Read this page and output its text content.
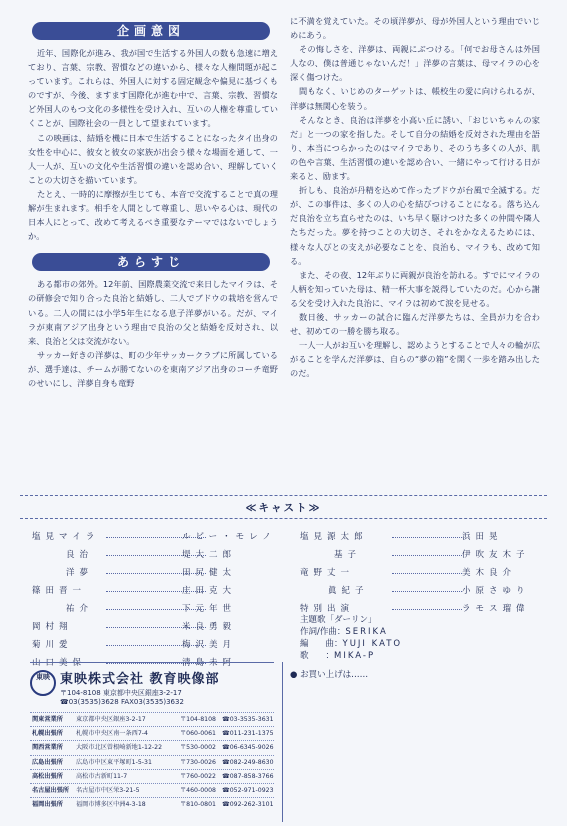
企画意図

近年、国際化が進み、我が国で生活する外国人の数も急速に増えており、言葉、宗教、習慣などの違いから、様々な人権問題が起こっています。これらは、外国人に対する固定観念や偏見に基づくものですが、今後、ますます国際化が進む中で、言葉、宗教、習慣など外国人のもつ文化の多様性を受け入れ、互いの人権を尊重していくことが、国際社会の一員として望まれています。

この映画は、結婚を機に日本で生活することになったタイ出身の女性を中心に、彼女と彼女の家族が出会う様々な場面を通して、一人一人が、互いの文化や生活習慣の違いを認め合い、理解していくことの大切さを描いています。

たとえ、一時的に摩擦が生じても、本音で交流することで真の理解が生まれます。相手を人間として尊重し、思いやる心は、現代の日本人にとって、改めて考えるべき重要なテーマではないでしょうか。

あらすじ

ある都市の郊外。12年前、国際農業交流で来日したマイラは、その研修会で知り合った良治と結婚し、二人でブドウの栽培を営んでいる。二人の間には小学5年生になる息子洋夢がいる。だが、マイラが東南アジア出身という理由で良治の父と結婚を反対され、以来、良治と父は交流がない。

サッカー好きの洋夢は、町の少年サッカークラブに所属しているが、選手達は、チームが勝てないのを東南アジア出身のコーチ竜野のせいにし、洋夢自身も竜野

に不満を覚えていた。その頃洋夢が、母が外国人という理由でいじめにあう。

その悔しさを、洋夢は、両親にぶつける。「何でお母さんは外国人なの、僕は普通じゃないんだ！」洋夢の言葉は、母マイラの心を深く傷つけた。

間もなく、いじめのターゲットは、帳校生の愛に向けられるが、洋夢は無関心を装う。

そんなとき、良治は洋夢を小高い丘に誘い、「おじいちゃんの家だ」と一つの家を指した。そして自分の結婚を反対された理由を語り、本当につらかったのはマイラであり、そのうち多くの人が、肌の色や言葉、生活習慣の違いを認め合い、一緒にやって行ける日が来ると、励ます。

折しも、良治が丹精を込めて作ったブドウが台風で全滅する。だが、この事件は、多くの人の心を結びつけることになる。落ち込んだ良治を立ち直らせたのは、いち早く駆けつけた多くの仲間や隣人たちだった。夢を持つことの大切さ、それをかなえるためには、様々な人びとの支えが必要なことを、良治も、マイラも、改めて知る。

また、その夜、12年ぶりに両親が良治を訪れる。すでにマイラの人柄を知っていた母は、精一杯大事を説得していたのだ。心から謝る父を受け入れた良治に、マイラは初めて涙を見せる。

数日後、サッカーの試合に臨んだ洋夢たちは、全員が力を合わせ、初めての一勝を勝ち取る。

一人一人がお互いを理解し、認めようとすることで人々の輪が広がることを学んだ洋夢は、自らの“夢の箱”を開く一歩を踏み出したのだ。

≪キャスト≫
塩見マイラ	ルビー・モレノ
良治	堤大二郎
洋夢	田尻健太
篠田晋一	庄田克大
祐介	下元年世
岡村翔	米良勇毅
菊川愛	梅沢美月
山口美保	清島未阿
塩見源太郎	浜田晃
基子	伊吹友木子
竜野丈一	美木良介
眞紀子	小原さゆり
特別出演	ラモス瑠偉
主題歌「ダーリン」
作詞/作曲：SERIKA
編　　曲：YUJI KATO
歌　　：MIKA-P
東映 東映株式会社 教育映像部
〒104-8108 東京都中央区銀座3-2-17
☎03(3535)3628 FAX03(3535)3632
関東営業所 東京都中央区銀座3-2-17	〒104-8108 ☎03-3535-3631
札幌出張所 札幌市中央区南一条西7-4	〒060-0061 ☎011-231-1375
関西営業所 大阪市北区曽根崎新地1-12-22	〒530-0002 ☎06-6345-9026
広島出張所 広島市中区東平塚町1-5-31	〒730-0026 ☎082-249-8630
高松出張所 高松市古新町11-7	〒760-0022 ☎087-858-3766
名古屋出張所 名古屋市中区栄3-21-5	〒460-0008 ☎052-971-0923
福岡出張所 福岡市博多区中洲4-3-18	〒810-0801 ☎092-262-3101
● お買い上げは……
